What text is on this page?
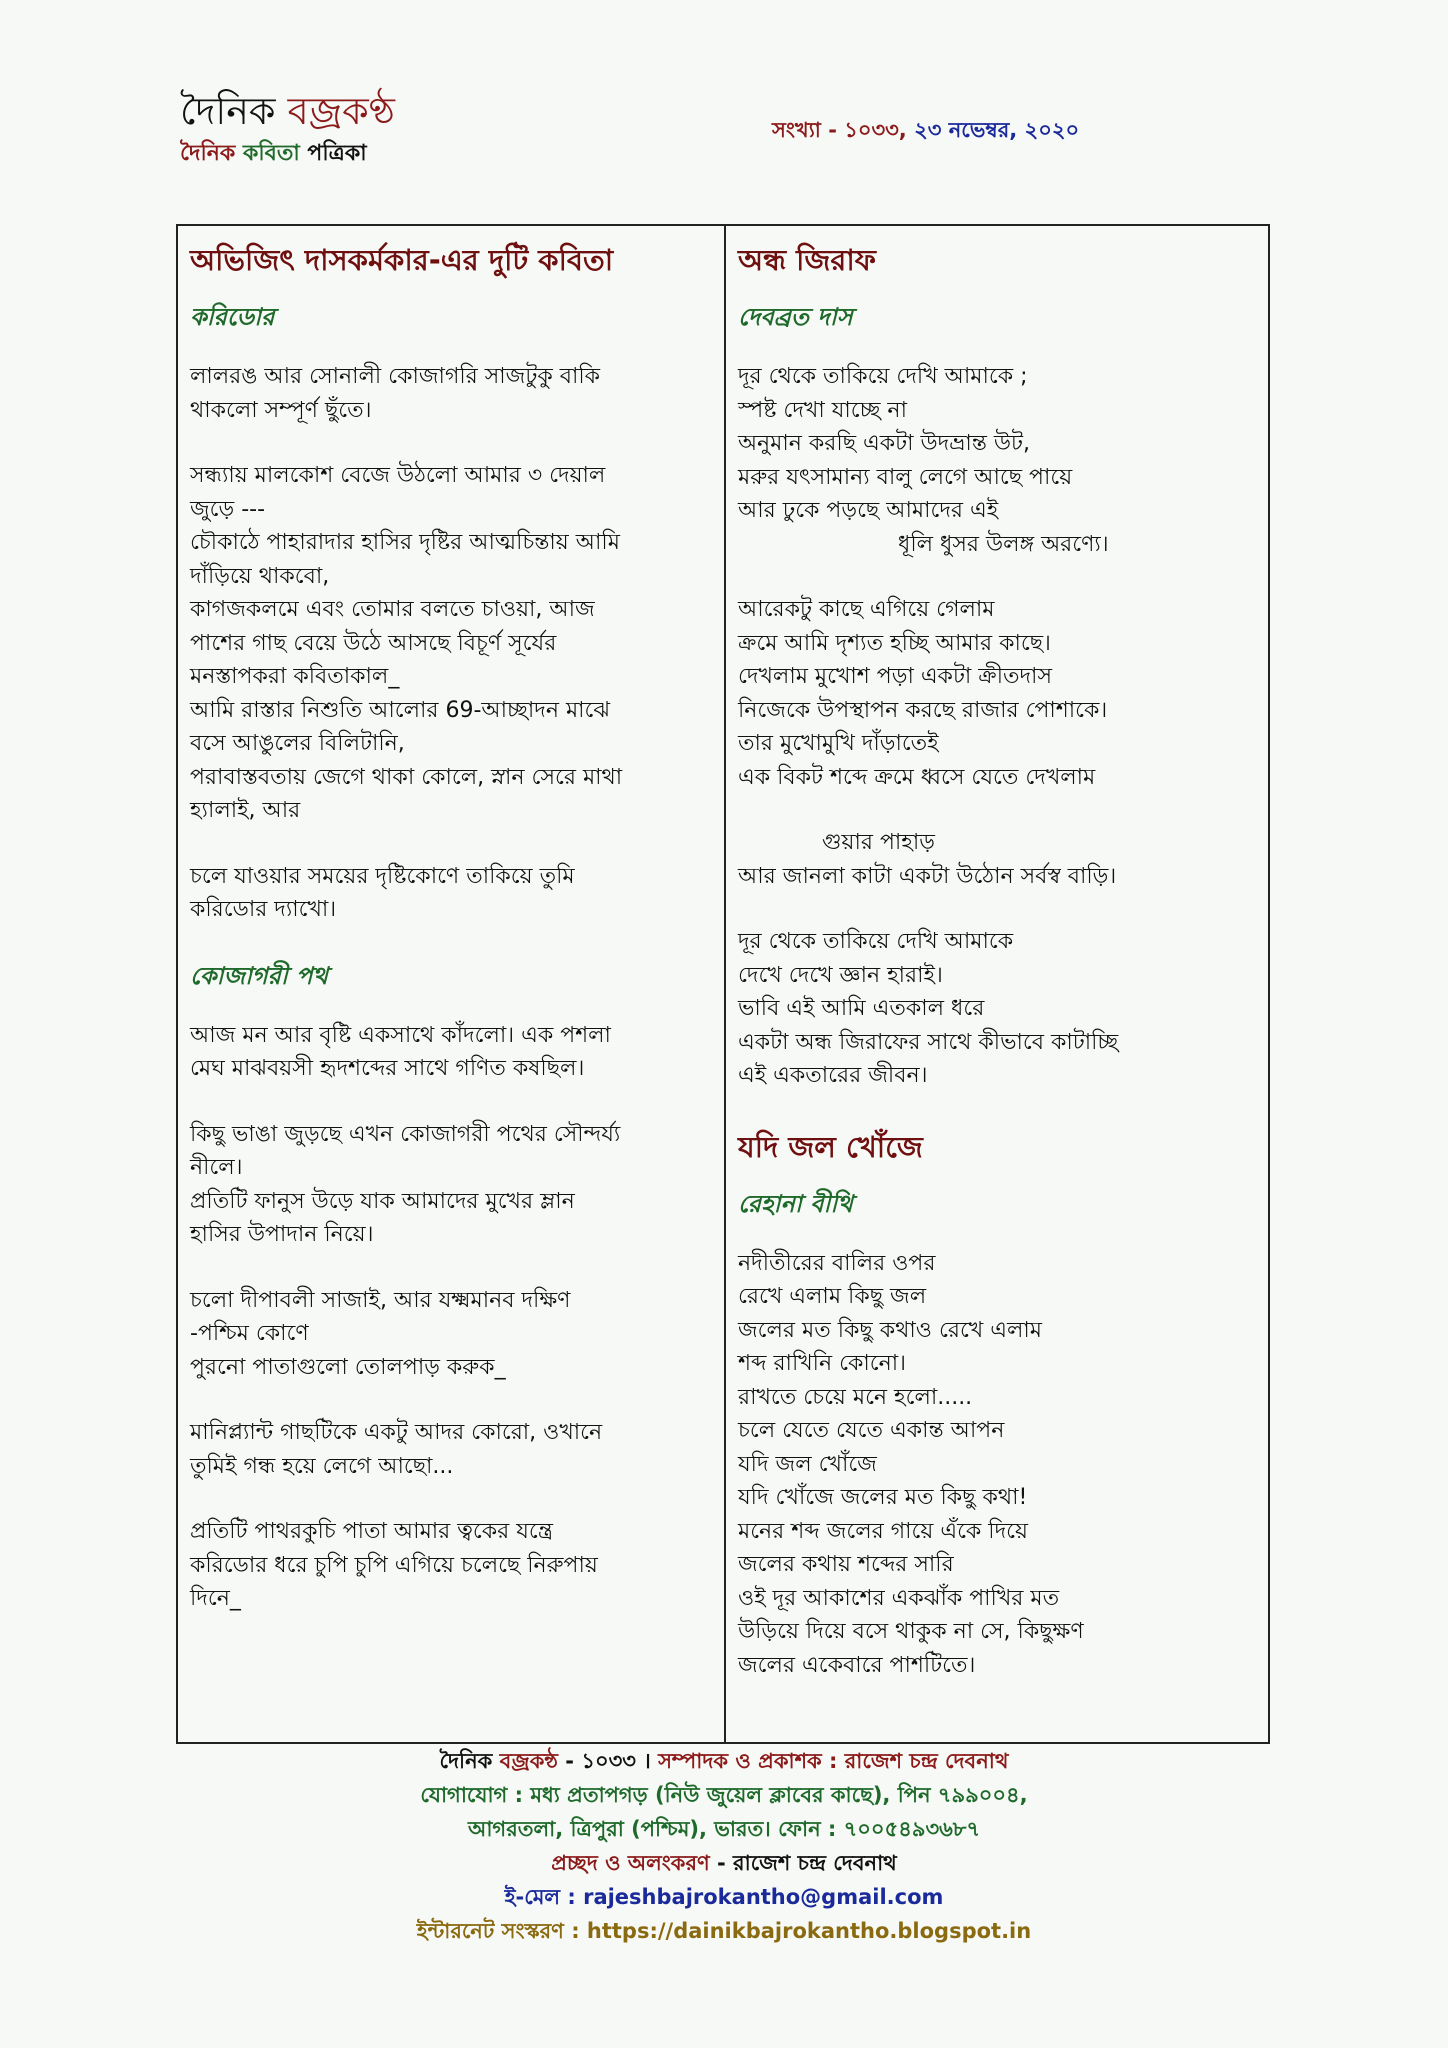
দৈনিক বজ্রকণ্ঠ
দৈনিক কবিতা পত্রিকা
সংখ্যা - ১০৩৩, ২৩ নভেম্বর, ২০২০
অভিজিৎ দাসকর্মকার-এর দুটি কবিতা
করিডোর
লালরঙ আর সোনালী কোজাগরি সাজটুকু বাকি
থাকলো সম্পূর্ণ ছুঁতে।
সন্ধ্যায় মালকোশ বেজে উঠলো আমার ৩ দেয়াল
জুড়ে ---
চৌকাঠে পাহারাদার হাসির দৃষ্টির আত্মচিন্তায় আমি
দাঁড়িয়ে থাকবো,
কাগজকলমে এবং তোমার বলতে চাওয়া, আজ
পাশের গাছ বেয়ে উঠে আসছে বিচূর্ণ সূর্যের
মনস্তাপকরা কবিতাকাল_
আমি রাস্তার নিশুতি আলোর 69-আচ্ছাদন মাঝে
বসে আঙুলের বিলিটানি,
পরাবাস্তবতায় জেগে থাকা কোলে, স্নান সেরে মাথা
হ্যালাই, আর
চলে যাওয়ার সময়ের দৃষ্টিকোণে তাকিয়ে তুমি
করিডোর দ্যাখো।
কোজাগরী পথ
আজ মন আর বৃষ্টি একসাথে কাঁদলো। এক পশলা
মেঘ মাঝবয়সী হৃদশব্দের সাথে গণিত কষছিল।
কিছু ভাঙা জুড়ছে এখন কোজাগরী পথের সৌন্দর্য্য
নীলে।
প্রতিটি ফানুস উড়ে যাক আমাদের মুখের ম্লান
হাসির উপাদান নিয়ে।
চলো দীপাবলী সাজাই, আর যক্ষ্মমানব দক্ষিণ
-পশ্চিম কোণে
পুরনো পাতাগুলো তোলপাড় করুক_
মানিপ্ল্যান্ট গাছটিকে একটু আদর কোরো, ওখানে
তুমিই গন্ধ হয়ে লেগে আছো...
প্রতিটি পাথরকুচি পাতা আমার ত্বকের যন্ত্রে
করিডোর ধরে চুপি চুপি এগিয়ে চলেছে নিরুপায়
দিনে_
অন্ধ জিরাফ
দেবব্রত দাস
দূর থেকে তাকিয়ে দেখি আমাকে ;
স্পষ্ট দেখা যাচ্ছে না
অনুমান করছি একটা উদভ্রান্ত উট,
মরুর যৎসামান্য বালু লেগে আছে পায়ে
আর ঢুকে পড়ছে আমাদের এই
ধূলি ধুসর উলঙ্গ অরণ্যে।
আরেকটু কাছে এগিয়ে গেলাম
ক্রমে আমি দৃশ্যত হচ্ছি আমার কাছে।
দেখলাম মুখোশ পড়া একটা ক্রীতদাস
নিজেকে উপস্থাপন করছে রাজার পোশাকে।
তার মুখোমুখি দাঁড়াতেই
এক বিকট শব্দে ক্রমে ধ্বসে যেতে দেখলাম
গুয়ার পাহাড়
আর জানলা কাটা একটা উঠোন সর্বস্ব বাড়ি।
দূর থেকে তাকিয়ে দেখি আমাকে
দেখে দেখে জ্ঞান হারাই।
ভাবি এই আমি এতকাল ধরে
একটা অন্ধ জিরাফের সাথে কীভাবে কাটাচ্ছি
এই একতারের জীবন।
যদি জল খোঁজে
রেহানা বীথি
নদীতীরের বালির ওপর
রেখে এলাম কিছু জল
জলের মত কিছু কথাও রেখে এলাম
শব্দ রাখিনি কোনো।
রাখতে চেয়ে মনে হলো.....
চলে যেতে যেতে একান্ত আপন
যদি জল খোঁজে
যদি খোঁজে জলের মত কিছু কথা!
মনের শব্দ জলের গায়ে এঁকে দিয়ে
জলের কথায় শব্দের সারি
ওই দূর আকাশের একঝাঁক পাখির মত
উড়িয়ে দিয়ে বসে থাকুক না সে, কিছুক্ষণ
জলের একেবারে পাশটিতে।
দৈনিক বজ্রকন্ঠ - ১০৩৩ । সম্পাদক ও প্রকাশক : রাজেশ চন্দ্র দেবনাথ
যোগাযোগ : মধ্য প্রতাপগড় (নিউ জুয়েল ক্লাবের কাছে), পিন ৭৯৯০০৪,
আগরতলা, ত্রিপুরা (পশ্চিম), ভারত। ফোন : ৭০০৫৪৯৩৬৮৭
প্রচ্ছদ ও অলংকরণ - রাজেশ চন্দ্র দেবনাথ
ই-মেল : rajeshbajrokantho@gmail.com
ইন্টারনেট সংস্করণ : https://dainikbajrokantho.blogspot.in
